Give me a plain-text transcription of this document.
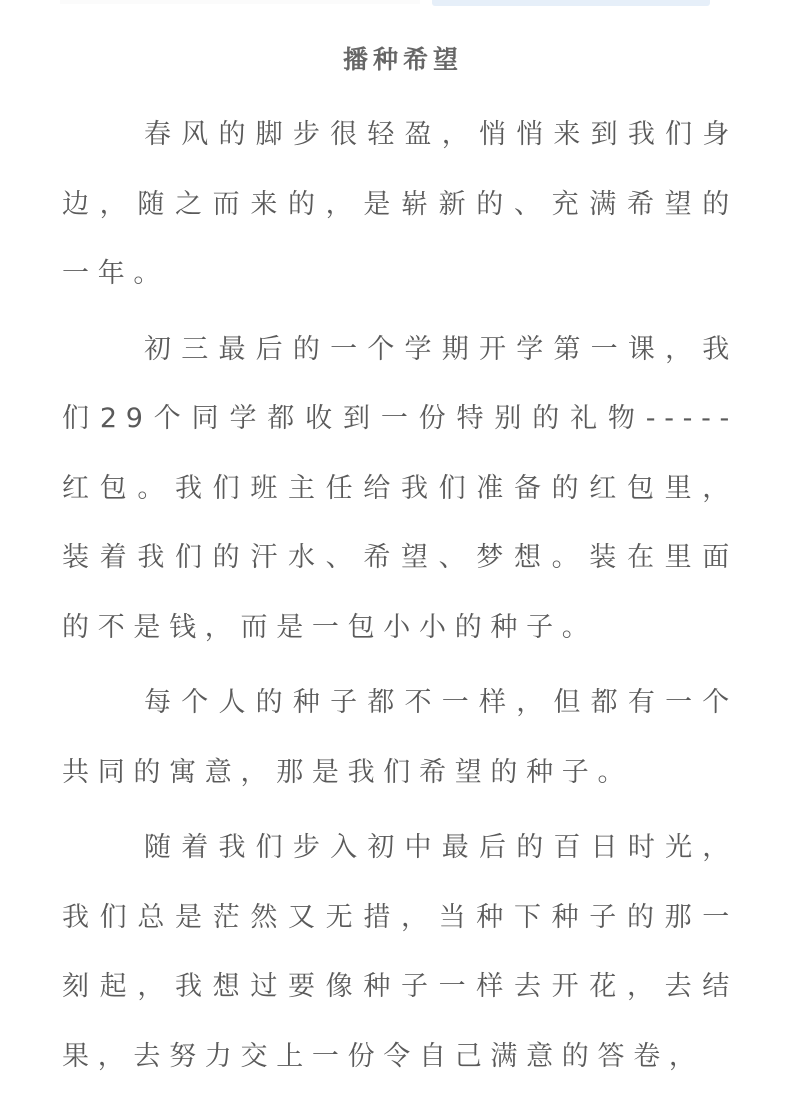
播种希望

春风的脚步很轻盈，悄悄来到我们身边，随之而来的，是崭新的、充满希望的一年。

初三最后的一个学期开学第一课，我们29个同学都收到一份特别的礼物-----红包。我们班主任给我们准备的红包里，装着我们的汗水、希望、梦想。装在里面的不是钱，而是一包小小的种子。

每个人的种子都不一样，但都有一个共同的寓意，那是我们希望的种子。

随着我们步入初中最后的百日时光，我们总是茫然又无措，当种下种子的那一刻起，我想过要像种子一样去开花，去结果，去努力交上一份令自己满意的答卷，
